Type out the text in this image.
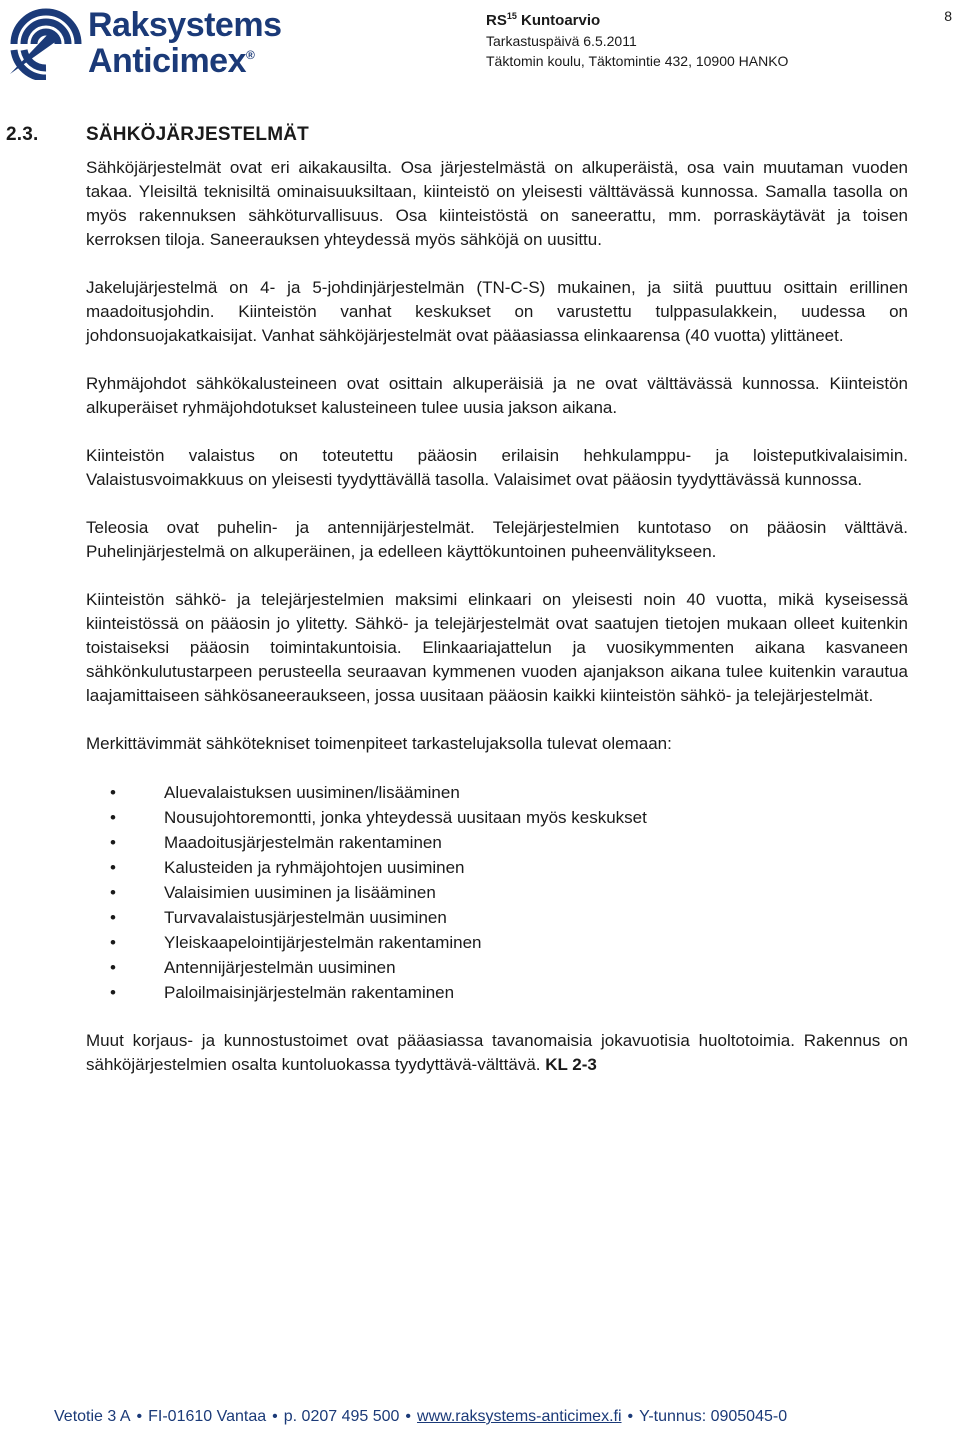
Raksystems
Anticimex®
RS$^{15}$ Kuntoarvio
Tarkastuspäivä 6.5.2011
Täktomin koulu, Täktomintie 432, 10900 HANKO
8
2.3.	SÄHKÖJÄRJESTELMÄT

Sähköjärjestelmät ovat eri aikakausilta. Osa järjestelmästä on alkuperäistä, osa vain muutaman vuoden takaa. Yleisiltä teknisiltä ominaisuuksiltaan, kiinteistö on yleisesti välttävässä kunnossa. Samalla tasolla on myös rakennuksen sähköturvallisuus. Osa kiinteistöstä on saneerattu, mm. porraskäytävät ja toisen kerroksen tiloja. Saneerauksen yhteydessä myös sähköjä on uusittu.

Jakelujärjestelmä on 4- ja 5-johdinjärjestelmän (TN-C-S) mukainen, ja siitä puuttuu osittain erillinen maadoitusjohdin. Kiinteistön vanhat keskukset on varustettu tulppasulakkein, uudessa on johdonsuojakatkaisijat. Vanhat sähköjärjestelmät ovat pääasiassa elinkaarensa (40 vuotta) ylittäneet.

Ryhmäjohdot sähkökalusteineen ovat osittain alkuperäisiä ja ne ovat välttävässä kunnossa. Kiinteistön alkuperäiset ryhmäjohdotukset kalusteineen tulee uusia jakson aikana.

Kiinteistön valaistus on toteutettu pääosin erilaisin hehkulamppu- ja loisteputkivalaisimin. Valaistusvoimakkuus on yleisesti tyydyttävällä tasolla. Valaisimet ovat pääosin tyydyttävässä kunnossa.

Teleosia ovat puhelin- ja antennijärjestelmät. Telejärjestelmien kuntotaso on pääosin välttävä. Puhelinjärjestelmä on alkuperäinen, ja edelleen käyttökuntoinen puheenvälitykseen.

Kiinteistön sähkö- ja telejärjestelmien maksimi elinkaari on yleisesti noin 40 vuotta, mikä kyseisessä kiinteistössä on pääosin jo ylitetty. Sähkö- ja telejärjestelmät ovat saatujen tietojen mukaan olleet kuitenkin toistaiseksi pääosin toimintakuntoisia. Elinkaariajattelun ja vuosikymmenten aikana kasvaneen sähkönkulutustarpeen perusteella seuraavan kymmenen vuoden ajanjakson aikana tulee kuitenkin varautua laajamittaiseen sähkösaneeraukseen, jossa uusitaan pääosin kaikki kiinteistön sähkö- ja telejärjestelmät.

Merkittävimmät sähkötekniset toimenpiteet tarkastelujaksolla tulevat olemaan:

•	Aluevalaistuksen uusiminen/lisääminen
•	Nousujohtoremontti, jonka yhteydessä uusitaan myös keskukset
•	Maadoitusjärjestelmän rakentaminen
•	Kalusteiden ja ryhmäjohtojen uusiminen
•	Valaisimien uusiminen ja lisääminen
•	Turvavalaistusjärjestelmän uusiminen
•	Yleiskaapelointijärjestelmän rakentaminen
•	Antennijärjestelmän uusiminen
•	Paloilmaisinjärjestelmän rakentaminen

Muut korjaus- ja kunnostustoimet ovat pääasiassa tavanomaisia jokavuotisia huoltotoimia. Rakennus on sähköjärjestelmien osalta kuntoluokassa tyydyttävä-välttävä. KL 2-3

Vetotie 3 A • FI-01610 Vantaa • p. 0207 495 500 • www.raksystems-anticimex.fi • Y-tunnus: 0905045-0
